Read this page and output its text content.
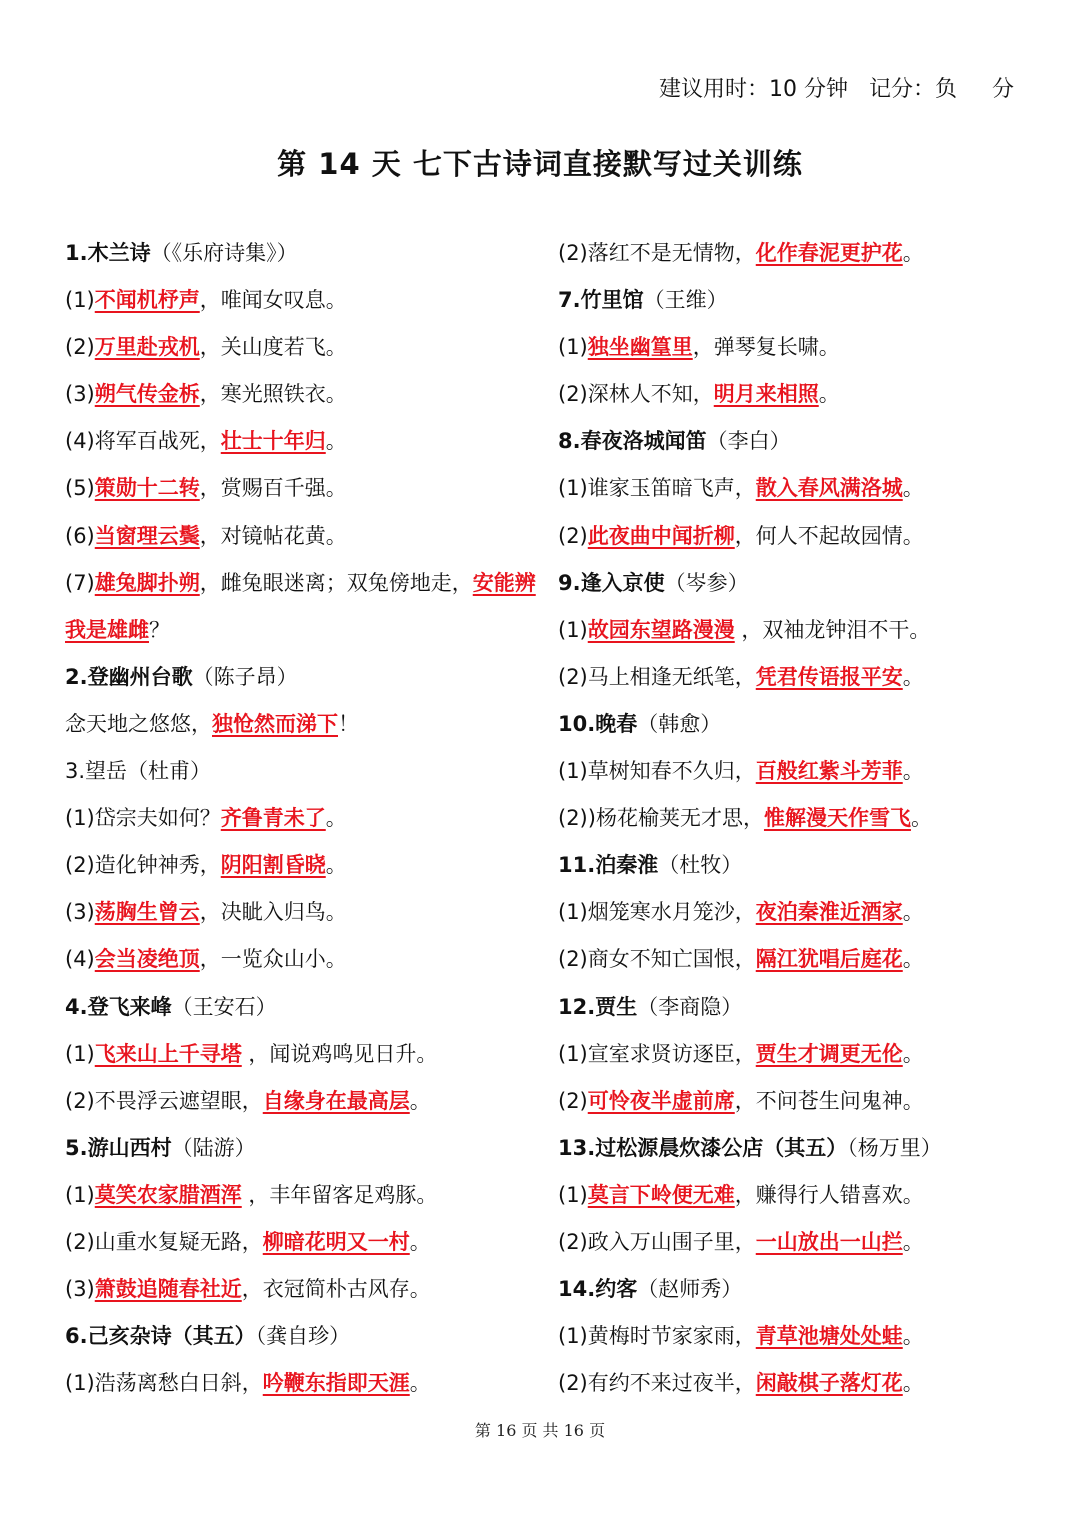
建议用时：10 分钟 记分：负 分
第 14 天 七下古诗词直接默写过关训练
1.木兰诗（《乐府诗集》）
(1)不闻机杼声，唯闻女叹息。
(2)万里赴戎机，关山度若飞。
(3)朔气传金柝，寒光照铁衣。
(4)将军百战死，壮士十年归。
(5)策勋十二转，赏赐百千强。
(6)当窗理云鬓，对镜帖花黄。
(7)雄兔脚扑朔，雌兔眼迷离；双兔傍地走，安能辨我是雄雌？
2.登幽州台歌（陈子昂）
念天地之悠悠，独怆然而涕下！
3.望岳（杜甫）
(1)岱宗夫如何？齐鲁青未了。
(2)造化钟神秀，阴阳割昏晓。
(3)荡胸生曾云，决眦入归鸟。
(4)会当凌绝顶，一览众山小。
4.登飞来峰（王安石）
(1)飞来山上千寻塔 ，闻说鸡鸣见日升。
(2)不畏浮云遮望眼，自缘身在最高层。
5.游山西村（陆游）
(1)莫笑农家腊酒浑 ，丰年留客足鸡豚。
(2)山重水复疑无路，柳暗花明又一村。
(3)箫鼓追随春社近，衣冠简朴古风存。
6.己亥杂诗（其五）（龚自珍）
(1)浩荡离愁白日斜，吟鞭东指即天涯。
(2)落红不是无情物，化作春泥更护花。
7.竹里馆（王维）
(1)独坐幽篁里，弹琴复长啸。
(2)深林人不知，明月来相照。
8.春夜洛城闻笛（李白）
(1)谁家玉笛暗飞声，散入春风满洛城。
(2)此夜曲中闻折柳，何人不起故园情。
9.逢入京使（岑参）
(1)故园东望路漫漫 ，双袖龙钟泪不干。
(2)马上相逢无纸笔，凭君传语报平安。
10.晚春（韩愈）
(1)草树知春不久归，百般红紫斗芳菲。
(2))杨花榆荚无才思，惟解漫天作雪飞。
11.泊秦淮（杜牧）
(1)烟笼寒水月笼沙，夜泊秦淮近酒家。
(2)商女不知亡国恨，隔江犹唱后庭花。
12.贾生（李商隐）
(1)宣室求贤访逐臣，贾生才调更无伦。
(2)可怜夜半虚前席，不问苍生问鬼神。
13.过松源晨炊漆公店（其五）（杨万里）
(1)莫言下岭便无难，赚得行人错喜欢。
(2)政入万山围子里，一山放出一山拦。
14.约客（赵师秀）
(1)黄梅时节家家雨，青草池塘处处蛙。
(2)有约不来过夜半，闲敲棋子落灯花。
第 16 页 共 16 页
